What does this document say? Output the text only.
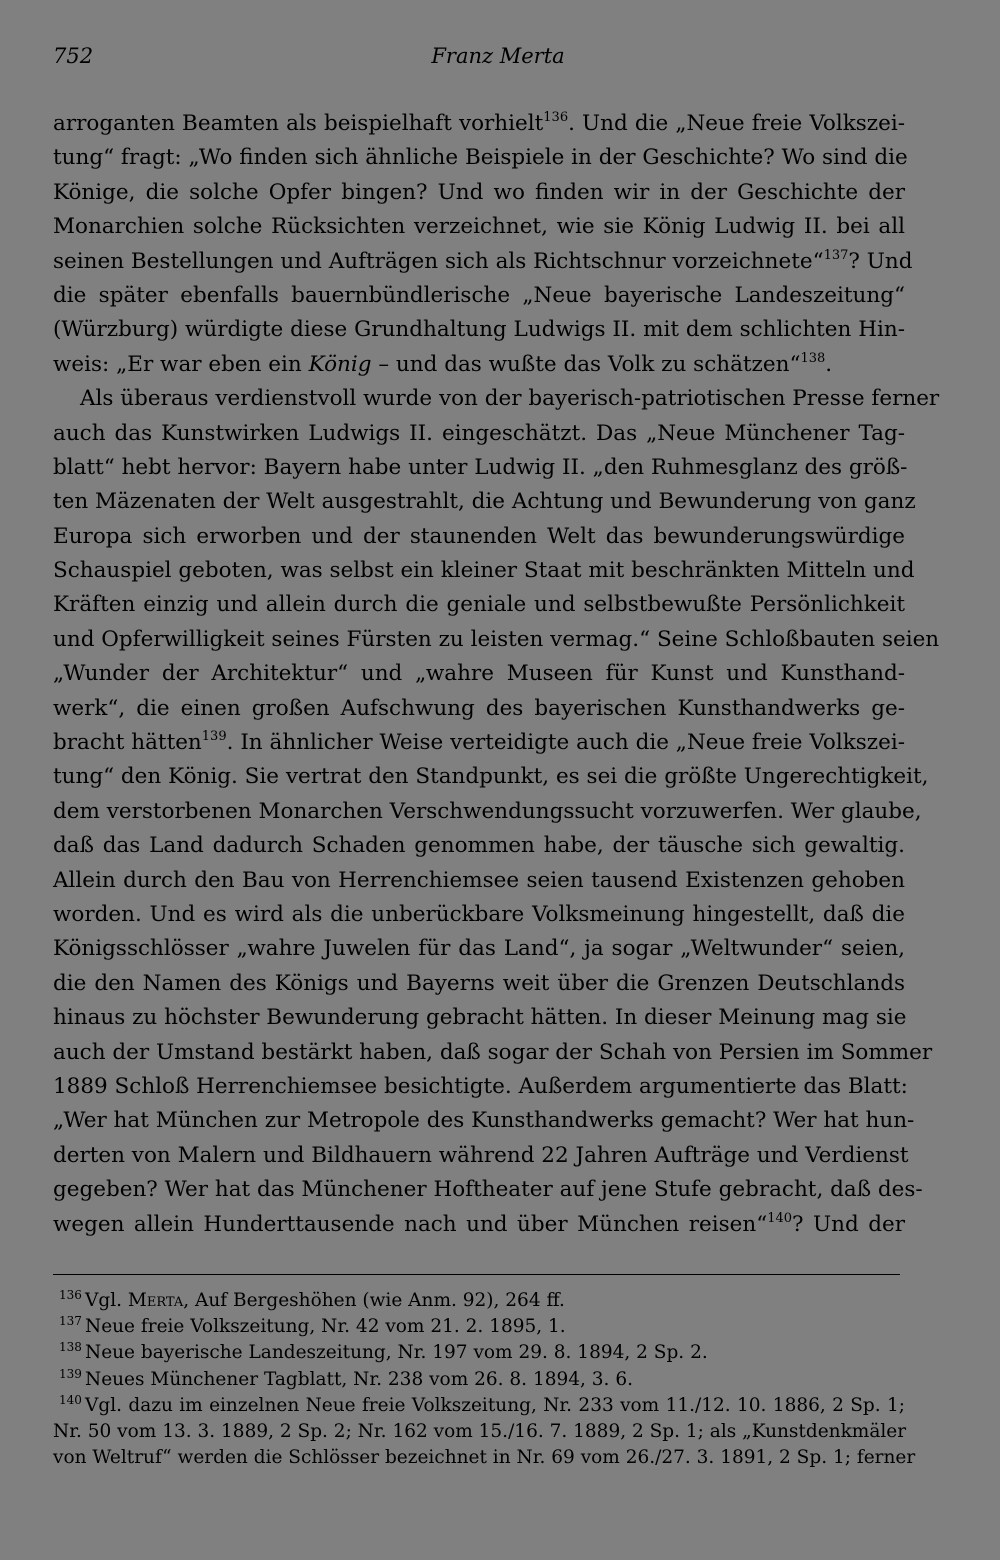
752	Franz Merta
arroganten Beamten als beispielhaft vorhielt$^{136}$. Und die „Neue freie Volkszei-
tung“ fragt: „Wo finden sich ähnliche Beispiele in der Geschichte? Wo sind die
Könige, die solche Opfer bingen? Und wo finden wir in der Geschichte der
Monarchien solche Rücksichten verzeichnet, wie sie König Ludwig II. bei all
seinen Bestellungen und Aufträgen sich als Richtschnur vorzeichnete“$^{137}$? Und
die später ebenfalls bauernbündlerische „Neue bayerische Landeszeitung“
(Würzburg) würdigte diese Grundhaltung Ludwigs II. mit dem schlichten Hin-
weis: „Er war eben ein König – und das wußte das Volk zu schätzen“$^{138}$.
Als überaus verdienstvoll wurde von der bayerisch-patriotischen Presse ferner
auch das Kunstwirken Ludwigs II. eingeschätzt. Das „Neue Münchener Tag-
blatt“ hebt hervor: Bayern habe unter Ludwig II. „den Ruhmesglanz des größ-
ten Mäzenaten der Welt ausgestrahlt, die Achtung und Bewunderung von ganz
Europa sich erworben und der staunenden Welt das bewunderungswürdige
Schauspiel geboten, was selbst ein kleiner Staat mit beschränkten Mitteln und
Kräften einzig und allein durch die geniale und selbstbewußte Persönlichkeit
und Opferwilligkeit seines Fürsten zu leisten vermag.“ Seine Schloßbauten seien
„Wunder der Architektur“ und „wahre Museen für Kunst und Kunsthand-
werk“, die einen großen Aufschwung des bayerischen Kunsthandwerks ge-
bracht hätten$^{139}$. In ähnlicher Weise verteidigte auch die „Neue freie Volkszei-
tung“ den König. Sie vertrat den Standpunkt, es sei die größte Ungerechtigkeit,
dem verstorbenen Monarchen Verschwendungssucht vorzuwerfen. Wer glaube,
daß das Land dadurch Schaden genommen habe, der täusche sich gewaltig.
Allein durch den Bau von Herrenchiemsee seien tausend Existenzen gehoben
worden. Und es wird als die unberückbare Volksmeinung hingestellt, daß die
Königsschlösser „wahre Juwelen für das Land“, ja sogar „Weltwunder“ seien,
die den Namen des Königs und Bayerns weit über die Grenzen Deutschlands
hinaus zu höchster Bewunderung gebracht hätten. In dieser Meinung mag sie
auch der Umstand bestärkt haben, daß sogar der Schah von Persien im Sommer
1889 Schloß Herrenchiemsee besichtigte. Außerdem argumentierte das Blatt:
„Wer hat München zur Metropole des Kunsthandwerks gemacht? Wer hat hun-
derten von Malern und Bildhauern während 22 Jahren Aufträge und Verdienst
gegeben? Wer hat das Münchener Hoftheater auf jene Stufe gebracht, daß des-
wegen allein Hunderttausende nach und über München reisen“$^{140}$? Und der
136 Vgl. Merta, Auf Bergeshöhen (wie Anm. 92), 264 ff.
137 Neue freie Volkszeitung, Nr. 42 vom 21. 2. 1895, 1.
138 Neue bayerische Landeszeitung, Nr. 197 vom 29. 8. 1894, 2 Sp. 2.
139 Neues Münchener Tagblatt, Nr. 238 vom 26. 8. 1894, 3. 6.
140 Vgl. dazu im einzelnen Neue freie Volkszeitung, Nr. 233 vom 11./12. 10. 1886, 2 Sp. 1;
Nr. 50 vom 13. 3. 1889, 2 Sp. 2; Nr. 162 vom 15./16. 7. 1889, 2 Sp. 1; als „Kunstdenkmäler
von Weltruf“ werden die Schlösser bezeichnet in Nr. 69 vom 26./27. 3. 1891, 2 Sp. 1; ferner
